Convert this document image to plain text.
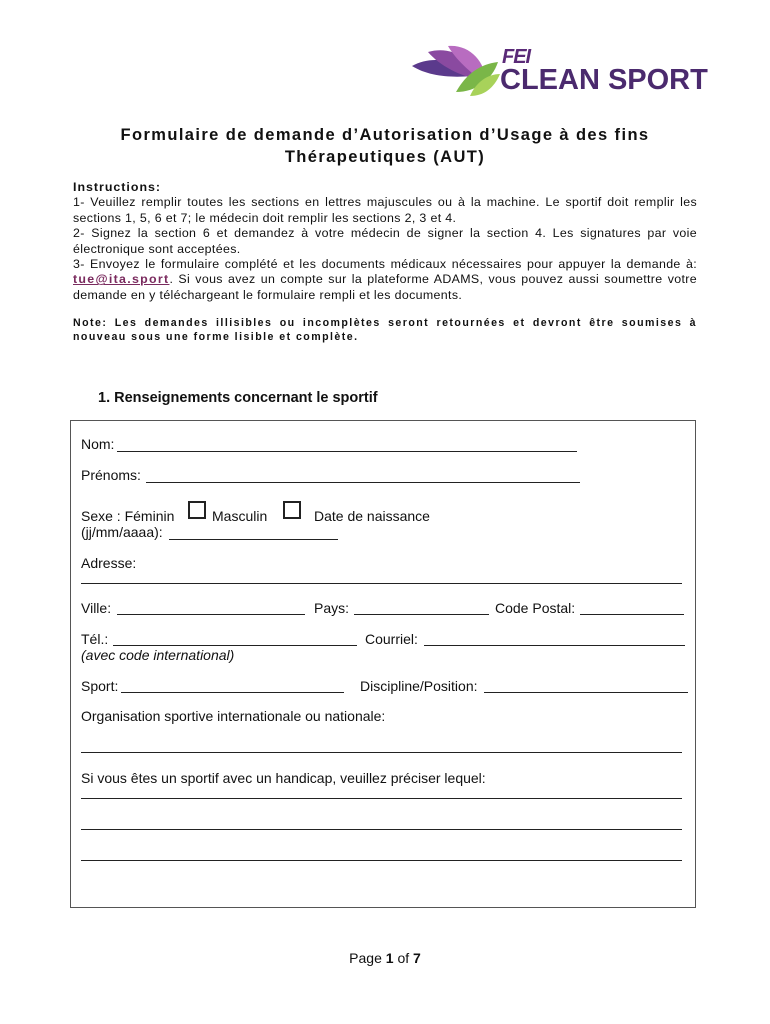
FEI
CLEAN SPORT
Formulaire de demande d’Autorisation d’Usage à des fins
Thérapeutiques (AUT)

Instructions:

1- Veuillez remplir toutes les sections en lettres majuscules ou à la machine. Le sportif doit remplir les sections 1, 5, 6 et 7; le médecin doit remplir les sections 2, 3 et 4.

2- Signez la section 6 et demandez à votre médecin de signer la section 4. Les signatures par voie électronique sont acceptées.

3- Envoyez le formulaire complété et les documents médicaux nécessaires pour appuyer la demande à: tue@ita.sport. Si vous avez un compte sur la plateforme ADAMS, vous pouvez aussi soumettre votre demande en y téléchargeant le formulaire rempli et les documents.

Note: Les demandes illisibles ou incomplètes seront retournées et devront être soumises à nouveau sous une forme lisible et complète.
1. Renseignements concernant le sportif
Nom:
Prénoms:
Sexe : Féminin	Masculin	Date de naissance
(jj/mm/aaaa):
Adresse:
Ville:	Pays:	Code Postal:
Tél.:	Courriel:
(avec code international)
Sport:	Discipline/Position:
Organisation sportive internationale ou nationale:
Si vous êtes un sportif avec un handicap, veuillez préciser lequel:
Page 1 of 7
